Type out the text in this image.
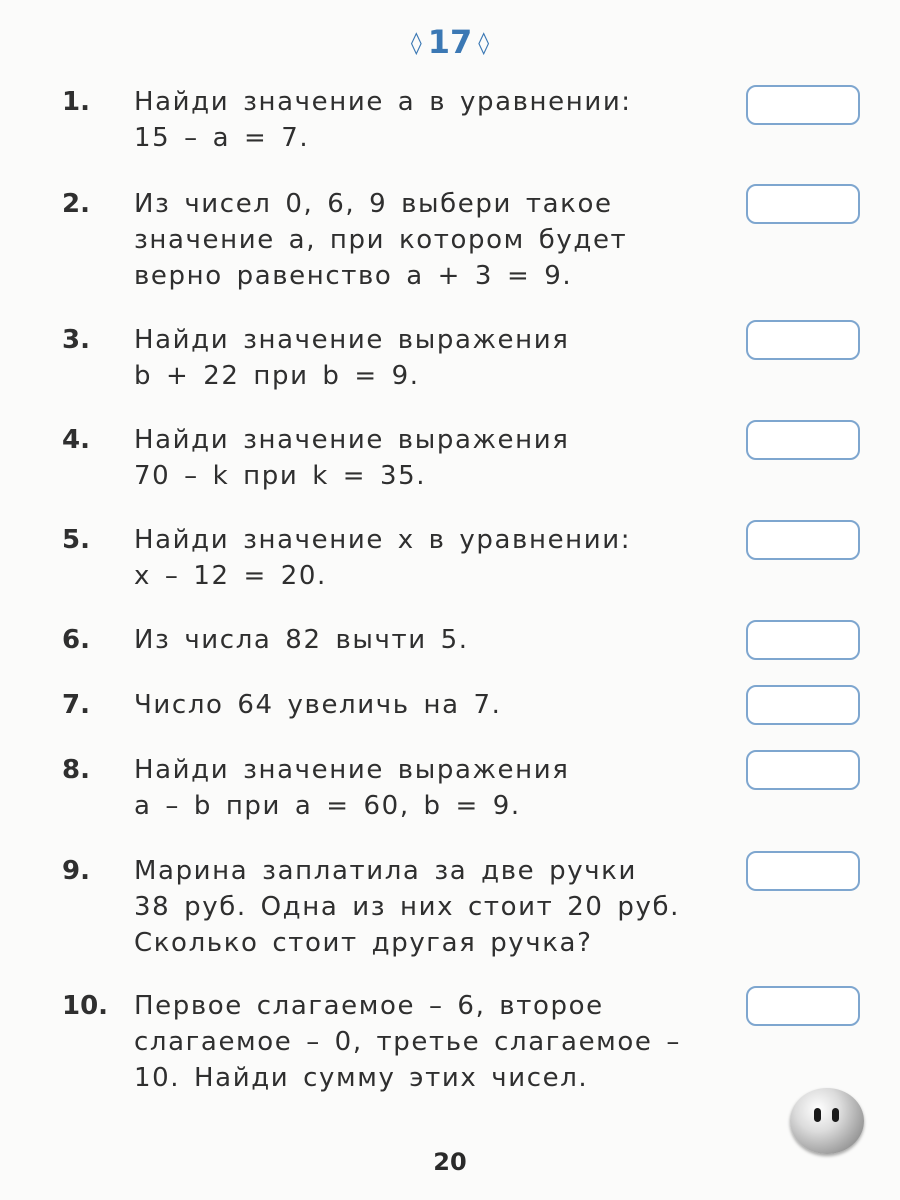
◊ 17 ◊
1. Найди значение a в уравнении:
15 – a = 7.
2. Из чисел 0, 6, 9 выбери такое
значение a, при котором будет
верно равенство a + 3 = 9.
3. Найди значение выражения
b + 22 при b = 9.
4. Найди значение выражения
70 – k при k = 35.
5. Найди значение x в уравнении:
x – 12 = 20.
6. Из числа 82 вычти 5.
7. Число 64 увеличь на 7.
8. Найди значение выражения
a – b при a = 60, b = 9.
9. Марина заплатила за две ручки
38 руб. Одна из них стоит 20 руб.
Сколько стоит другая ручка?
10. Первое слагаемое – 6, второе
слагаемое – 0, третье слагаемое –
10. Найди сумму этих чисел.
20
